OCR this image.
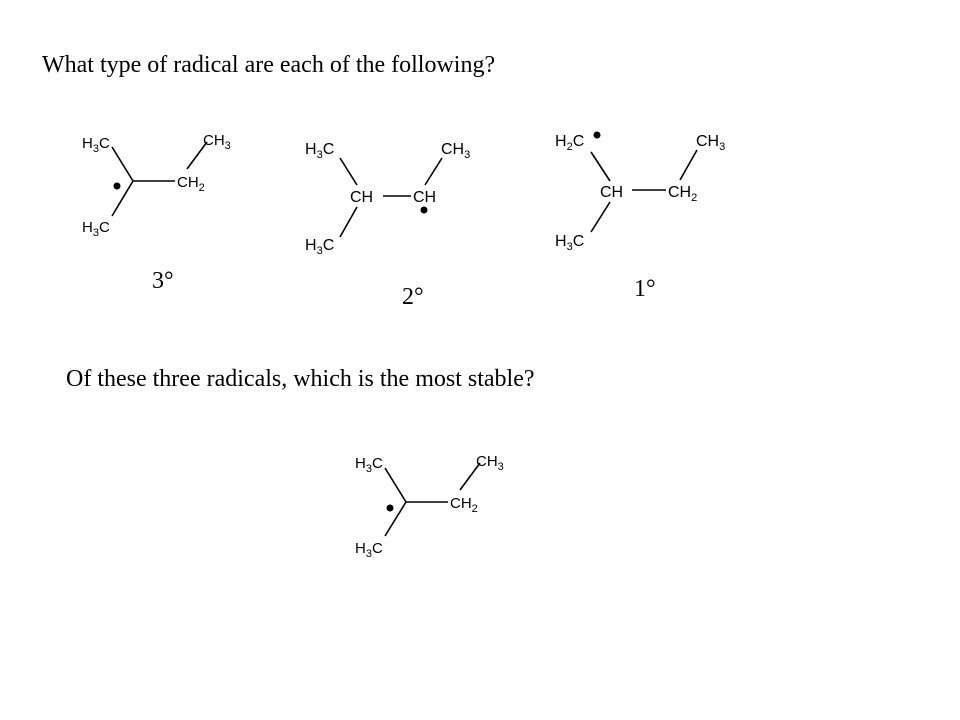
What type of radical are each of the following?
$H_3C$	$CH_3$
$CH_2$
$H_3C$
3°
$H_3C$	$CH_3$
CH CH
$H_3C$
2°
$H_2C$	$CH_3$
CH	$CH_2$
$H_3C$
1°
Of these three radicals, which is the most stable?
$H_3C$	$CH_3$
$CH_2$
$H_3C$
